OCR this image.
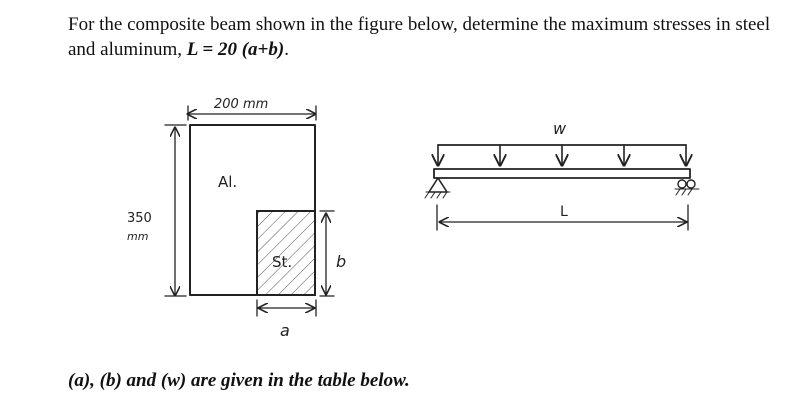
For the composite beam shown in the figure below, determine the maximum stresses in steel and aluminum, L = 20 (a+b).
200 mm
350
mm
Al.
St.	b
a
w
L
(a), (b) and (w) are given in the table below.
